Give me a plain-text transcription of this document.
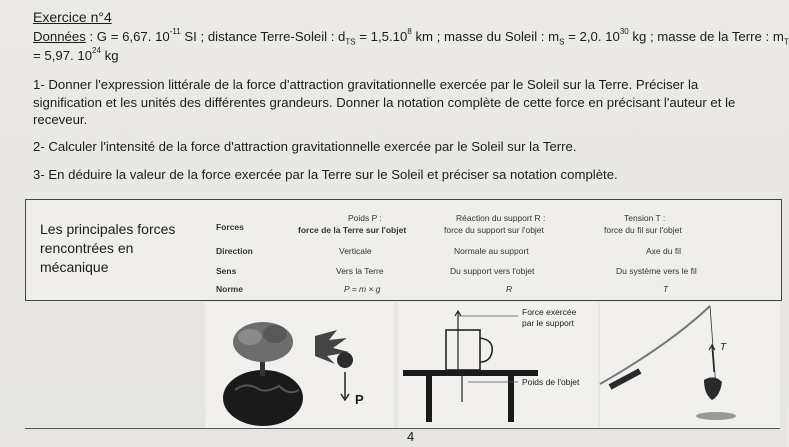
Exercice n°4
Données : G = 6,67. $10^{-11}$ SI ; distance Terre-Soleil : $d_{TS} = 1,5.10^8$ km ; masse du Soleil : $m_S = 2,0$. $10^{30}$ kg ; masse de la Terre : $m_T$
= 5,97. $10^{24}$ kg
1- Donner l'expression littérale de la force d'attraction gravitationnelle exercée par le Soleil sur la Terre. Préciser la
signification et les unités des différentes grandeurs. Donner la notation complète de cette force en précisant l'auteur et le
receveur.
2- Calculer l'intensité de la force d'attraction gravitationnelle exercée par le Soleil sur la Terre.
3- En déduire la valeur de la force exercée par la Terre sur le Soleil et préciser sa notation complète.
Les principales forces
rencontrées en
mécanique
Forces
Direction
Sens
Norme
Poids P :
force de la Terre sur l'objet
Verticale
Vers la Terre
P = m × g
Réaction du support R :
force du support sur l'objet
Normale au support
Du support vers l'objet
R
Tension T :
force du fil sur l'objet
Axe du fil
Du système vers le fil
T
P
Force exercée
par le support
Poids de l'objet
T
4
